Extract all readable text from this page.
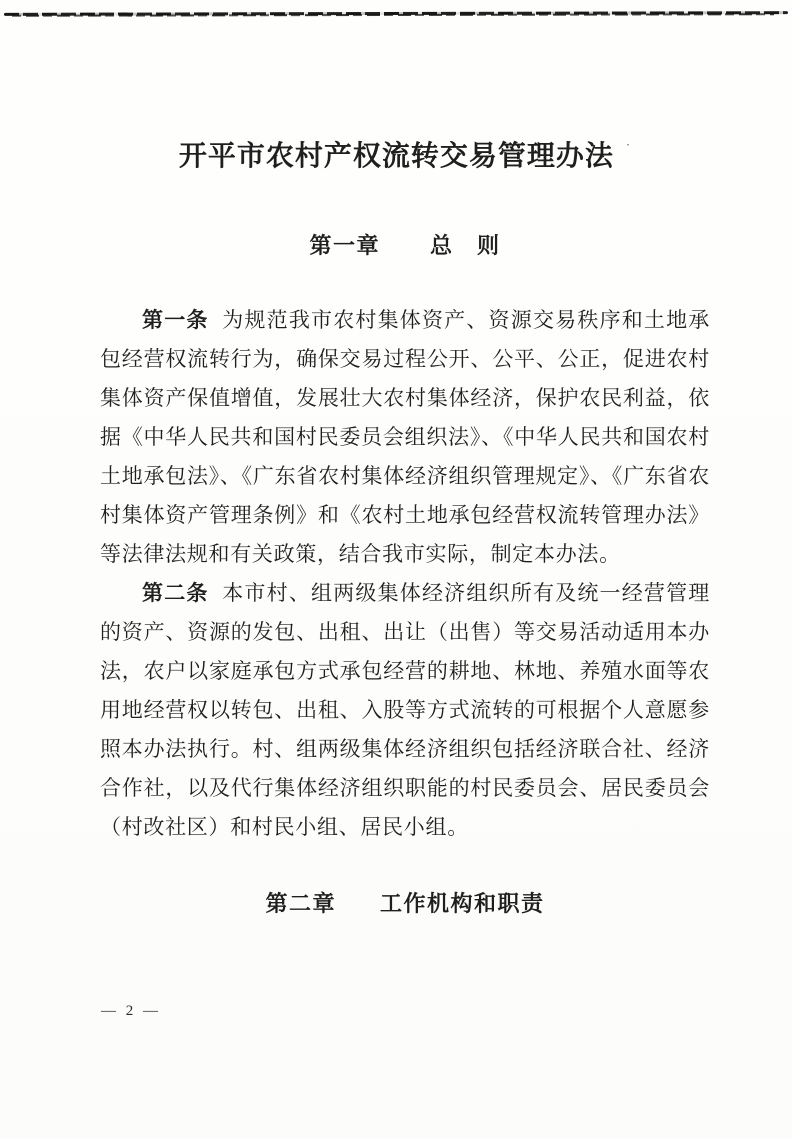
开平市农村产权流转交易管理办法 ·
第一章 总　则

第一条 为规范我市农村集体资产、资源交易秩序和土地承包经营权流转行为，确保交易过程公开、公平、公正，促进农村集体资产保值增值，发展壮大农村集体经济，保护农民利益，依据《中华人民共和国村民委员会组织法》、《中华人民共和国农村土地承包法》、《广东省农村集体经济组织管理规定》、《广东省农村集体资产管理条例》和《农村土地承包经营权流转管理办法》等法律法规和有关政策，结合我市实际，制定本办法。

第二条 本市村、组两级集体经济组织所有及统一经营管理的资产、资源的发包、出租、出让（出售）等交易活动适用本办法，农户以家庭承包方式承包经营的耕地、林地、养殖水面等农用地经营权以转包、出租、入股等方式流转的可根据个人意愿参照本办法执行。村、组两级集体经济组织包括经济联合社、经济合作社，以及代行集体经济组织职能的村民委员会、居民委员会（村改社区）和村民小组、居民小组。

第二章 工作机构和职责
— 2 —
